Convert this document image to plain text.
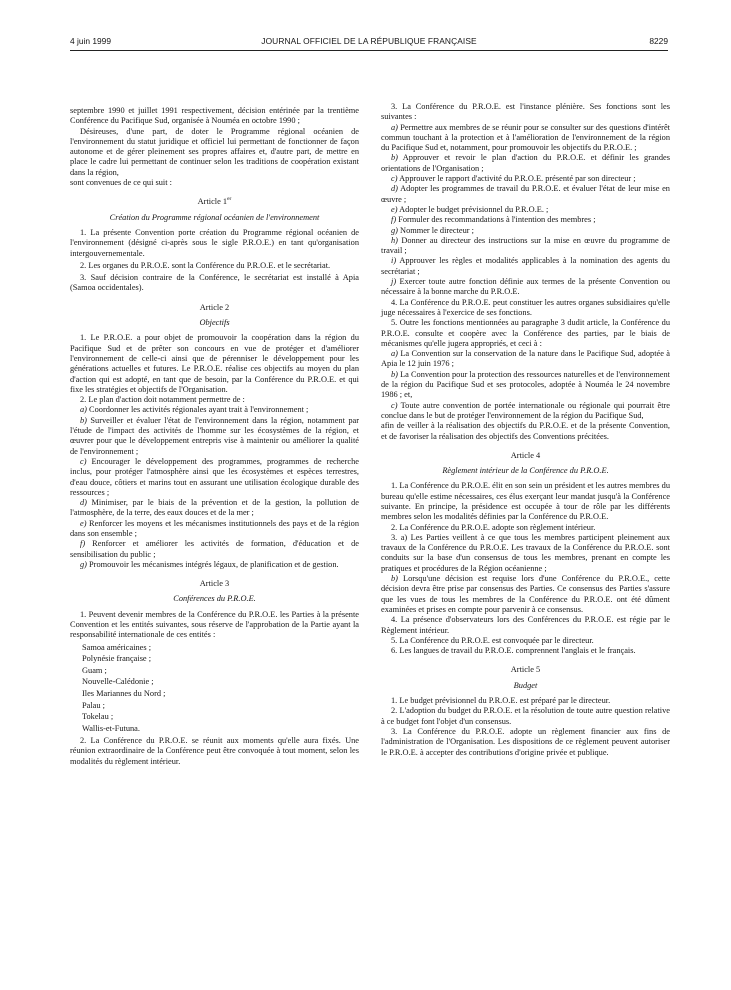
4 juin 1999	JOURNAL OFFICIEL DE LA RÉPUBLIQUE FRANÇAISE	8229

septembre 1990 et juillet 1991 respectivement, décision entérinée par la trentième Conférence du Pacifique Sud, organisée à Nouméa en octobre 1990 ;

Désireuses, d'une part, de doter le Programme régional océanien de l'environnement du statut juridique et officiel lui permettant de fonctionner de façon autonome et de gérer pleinement ses propres affaires et, d'autre part, de mettre en place le cadre lui permettant de continuer selon les traditions de coopération existant dans la région,

sont convenues de ce qui suit :

Article 1er
Création du Programme régional océanien de l'environnement

1. La présente Convention porte création du Programme régional océanien de l'environnement (désigné ci-après sous le sigle P.R.O.E.) en tant qu'organisation intergouvernementale.

2. Les organes du P.R.O.E. sont la Conférence du P.R.O.E. et le secrétariat.

3. Sauf décision contraire de la Conférence, le secrétariat est installé à Apia (Samoa occidentales).

Article 2
Objectifs

1. Le P.R.O.E. a pour objet de promouvoir la coopération dans la région du Pacifique Sud et de prêter son concours en vue de protéger et d'améliorer l'environnement de celle-ci ainsi que de pérenniser le développement pour les générations actuelles et futures. Le P.R.O.E. réalise ces objectifs au moyen du plan d'action qui est adopté, en tant que de besoin, par la Conférence du P.R.O.E. et qui fixe les stratégies et objectifs de l'Organisation.

2. Le plan d'action doit notamment permettre de :

a) Coordonner les activités régionales ayant trait à l'environnement ;

b) Surveiller et évaluer l'état de l'environnement dans la région, notamment par l'étude de l'impact des activités de l'homme sur les écosystèmes de la région, et œuvrer pour que le développement entrepris vise à maintenir ou améliorer la qualité de l'environnement ;

c) Encourager le développement des programmes, programmes de recherche inclus, pour protéger l'atmosphère ainsi que les écosystèmes et espèces terrestres, d'eau douce, côtiers et marins tout en assurant une utilisation écologique durable des ressources ;

d) Minimiser, par le biais de la prévention et de la gestion, la pollution de l'atmosphère, de la terre, des eaux douces et de la mer ;

e) Renforcer les moyens et les mécanismes institutionnels des pays et de la région dans son ensemble ;

f) Renforcer et améliorer les activités de formation, d'éducation et de sensibilisation du public ;

g) Promouvoir les mécanismes intégrés légaux, de planification et de gestion.

Article 3
Conférences du P.R.O.E.

1. Peuvent devenir membres de la Conférence du P.R.O.E. les Parties à la présente Convention et les entités suivantes, sous réserve de l'approbation de la Partie ayant la responsabilité internationale de ces entités :

Samoa américaines ;
Polynésie française ;
Guam ;
Nouvelle-Calédonie ;
Iles Mariannes du Nord ;
Palau ;
Tokelau ;
Wallis-et-Futuna.

2. La Conférence du P.R.O.E. se réunit aux moments qu'elle aura fixés. Une réunion extraordinaire de la Conférence peut être convoquée à tout moment, selon les modalités du règlement intérieur.

3. La Conférence du P.R.O.E. est l'instance plénière. Ses fonctions sont les suivantes :

a) Permettre aux membres de se réunir pour se consulter sur des questions d'intérêt commun touchant à la protection et à l'amélioration de l'environnement de la région du Pacifique Sud et, notamment, pour promouvoir les objectifs du P.R.O.E. ;

b) Approuver et revoir le plan d'action du P.R.O.E. et définir les grandes orientations de l'Organisation ;

c) Approuver le rapport d'activité du P.R.O.E. présenté par son directeur ;

d) Adopter les programmes de travail du P.R.O.E. et évaluer l'état de leur mise en œuvre ;

e) Adopter le budget prévisionnel du P.R.O.E. ;

f) Formuler des recommandations à l'intention des membres ;

g) Nommer le directeur ;

h) Donner au directeur des instructions sur la mise en œuvre du programme de travail ;

i) Approuver les règles et modalités applicables à la nomination des agents du secrétariat ;

j) Exercer toute autre fonction définie aux termes de la présente Convention ou nécessaire à la bonne marche du P.R.O.E.

4. La Conférence du P.R.O.E. peut constituer les autres organes subsidiaires qu'elle juge nécessaires à l'exercice de ses fonctions.

5. Outre les fonctions mentionnées au paragraphe 3 dudit article, la Conférence du P.R.O.E. consulte et coopère avec la Conférence des parties, par le biais de mécanismes qu'elle jugera appropriés, et ceci à :

a) La Convention sur la conservation de la nature dans le Pacifique Sud, adoptée à Apia le 12 juin 1976 ;

b) La Convention pour la protection des ressources naturelles et de l'environnement de la région du Pacifique Sud et ses protocoles, adoptée à Nouméa le 24 novembre 1986 ; et,

c) Toute autre convention de portée internationale ou régionale qui pourrait être conclue dans le but de protéger l'environnement de la région du Pacifique Sud,

afin de veiller à la réalisation des objectifs du P.R.O.E. et de la présente Convention, et de favoriser la réalisation des objectifs des Conventions précitées.

Article 4
Règlement intérieur de la Conférence du P.R.O.E.

1. La Conférence du P.R.O.E. élit en son sein un président et les autres membres du bureau qu'elle estime nécessaires, ces élus exerçant leur mandat jusqu'à la Conférence suivante. En principe, la présidence est occupée à tour de rôle par les différents membres selon les modalités définies par la Conférence du P.R.O.E.

2. La Conférence du P.R.O.E. adopte son règlement intérieur.

3. a) Les Parties veillent à ce que tous les membres participent pleinement aux travaux de la Conférence du P.R.O.E. Les travaux de la Conférence du P.R.O.E. sont conduits sur la base d'un consensus de tous les membres, prenant en compte les pratiques et procédures de la Région océanienne ;

b) Lorsqu'une décision est requise lors d'une Conférence du P.R.O.E., cette décision devra être prise par consensus des Parties. Ce consensus des Parties s'assure que les vues de tous les membres de la Conférence du P.R.O.E. ont été dûment examinées et prises en compte pour parvenir à ce consensus.

4. La présence d'observateurs lors des Conférences du P.R.O.E. est régie par le Règlement intérieur.

5. La Conférence du P.R.O.E. est convoquée par le directeur.

6. Les langues de travail du P.R.O.E. comprennent l'anglais et le français.

Article 5
Budget

1. Le budget prévisionnel du P.R.O.E. est préparé par le directeur.

2. L'adoption du budget du P.R.O.E. et la résolution de toute autre question relative à ce budget font l'objet d'un consensus.

3. La Conférence du P.R.O.E. adopte un règlement financier aux fins de l'administration de l'Organisation. Les dispositions de ce règlement peuvent autoriser le P.R.O.E. à accepter des contributions d'origine privée et publique.
